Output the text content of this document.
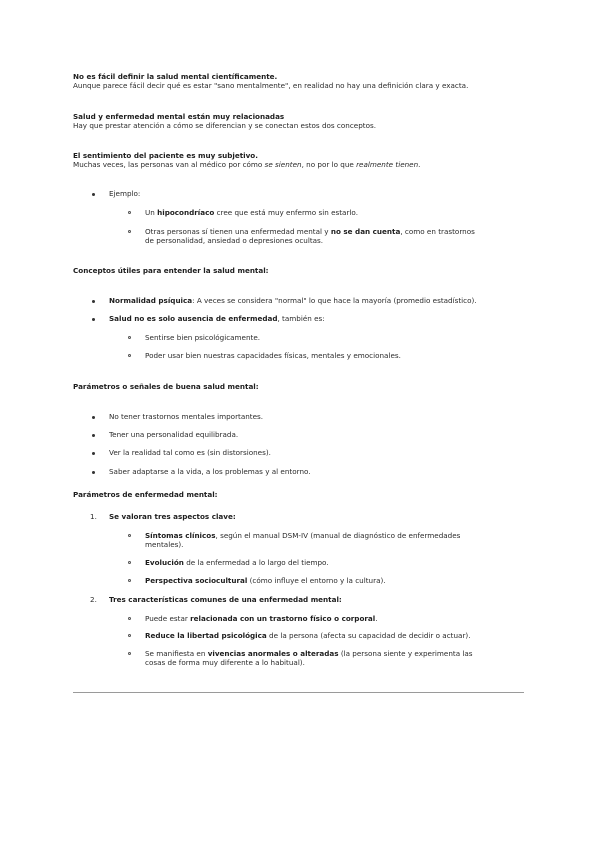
No es fácil definir la salud mental científicamente.
Aunque parece fácil decir qué es estar "sano mentalmente", en realidad no hay una definición clara y exacta.
Salud y enfermedad mental están muy relacionadas
Hay que prestar atención a cómo se diferencian y se conectan estos dos conceptos.
El sentimiento del paciente es muy subjetivo.
Muchas veces, las personas van al médico por cómo se sienten, no por lo que realmente tienen.
Ejemplo:
Un hipocondríaco cree que está muy enfermo sin estarlo.
Otras personas sí tienen una enfermedad mental y no se dan cuenta, como en trastornos
de personalidad, ansiedad o depresiones ocultas.
Conceptos útiles para entender la salud mental:
Normalidad psíquica: A veces se considera "normal" lo que hace la mayoría (promedio estadístico).
Salud no es solo ausencia de enfermedad, también es:
Sentirse bien psicológicamente.
Poder usar bien nuestras capacidades físicas, mentales y emocionales.
Parámetros o señales de buena salud mental:
No tener trastornos mentales importantes.
Tener una personalidad equilibrada.
Ver la realidad tal como es (sin distorsiones).
Saber adaptarse a la vida, a los problemas y al entorno.
Parámetros de enfermedad mental:
1. Se valoran tres aspectos clave:
Síntomas clínicos, según el manual DSM-IV (manual de diagnóstico de enfermedades
mentales).
Evolución de la enfermedad a lo largo del tiempo.
Perspectiva sociocultural (cómo influye el entorno y la cultura).
2. Tres características comunes de una enfermedad mental:
Puede estar relacionada con un trastorno físico o corporal.
Reduce la libertad psicológica de la persona (afecta su capacidad de decidir o actuar).
Se manifiesta en vivencias anormales o alteradas (la persona siente y experimenta las
cosas de forma muy diferente a lo habitual).
